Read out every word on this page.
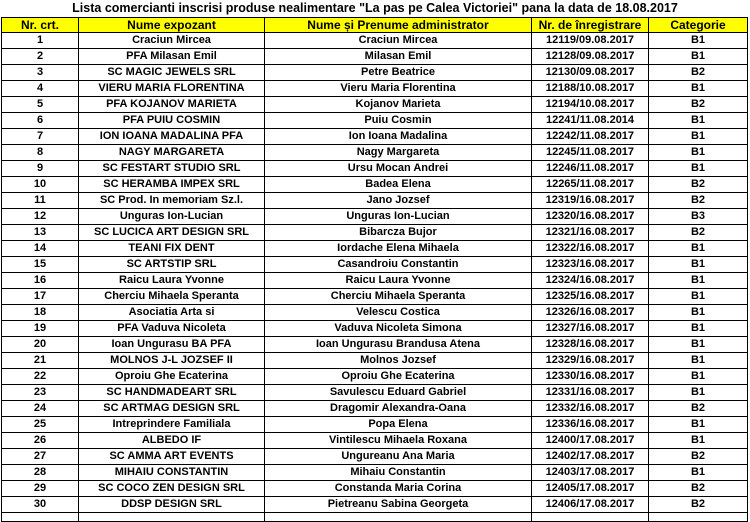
Lista comercianti inscrisi produse nealimentare "La pas pe Calea Victoriei" pana la data de 18.08.2017
Nr. crt.	Nume expozant	Nume și Prenume administrator	Nr. de înregistrare	Categorie
1	Craciun Mircea	Craciun Mircea	12119/09.08.2017	B1
2	PFA Milasan Emil	Milasan Emil	12128/09.08.2017	B1
3	SC MAGIC JEWELS SRL	Petre Beatrice	12130/09.08.2017	B2
4	VIERU MARIA FLORENTINA	Vieru Maria Florentina	12188/10.08.2017	B1
5	PFA KOJANOV MARIETA	Kojanov Marieta	12194/10.08.2017	B2
6	PFA PUIU COSMIN	Puiu Cosmin	12241/11.08.2014	B1
7	ION IOANA MADALINA PFA	Ion Ioana Madalina	12242/11.08.2017	B1
8	NAGY MARGARETA	Nagy Margareta	12245/11.08.2017	B1
9	SC FESTART STUDIO SRL	Ursu Mocan Andrei	12246/11.08.2017	B1
10	SC HERAMBA IMPEX SRL	Badea Elena	12265/11.08.2017	B2
11	SC Prod. In memoriam Sz.l.	Jano Jozsef	12319/16.08.2017	B2
12	Unguras Ion-Lucian	Unguras Ion-Lucian	12320/16.08.2017	B3
13	SC LUCICA ART DESIGN SRL	Bibarcza Bujor	12321/16.08.2017	B2
14	TEANI FIX DENT	Iordache Elena Mihaela	12322/16.08.2017	B1
15	SC ARTSTIP SRL	Casandroiu Constantin	12323/16.08.2017	B1
16	Raicu Laura Yvonne	Raicu Laura Yvonne	12324/16.08.2017	B1
17	Cherciu Mihaela Speranta	Cherciu Mihaela Speranta	12325/16.08.2017	B1
18	Asociatia Arta si	Velescu Costica	12326/16.08.2017	B1
19	PFA Vaduva Nicoleta	Vaduva Nicoleta Simona	12327/16.08.2017	B1
20	Ioan Ungurasu BA PFA	Ioan Ungurasu Brandusa Atena	12328/16.08.2017	B1
21	MOLNOS J-L JOZSEF II	Molnos Jozsef	12329/16.08.2017	B1
22	Oproiu Ghe Ecaterina	Oproiu Ghe Ecaterina	12330/16.08.2017	B1
23	SC HANDMADEART SRL	Savulescu Eduard Gabriel	12331/16.08.2017	B1
24	SC ARTMAG DESIGN SRL	Dragomir Alexandra-Oana	12332/16.08.2017	B2
25	Intreprindere Familiala	Popa Elena	12336/16.08.2017	B1
26	ALBEDO IF	Vintilescu Mihaela Roxana	12400/17.08.2017	B1
27	SC AMMA ART EVENTS	Ungureanu Ana Maria	12402/17.08.2017	B2
28	MIHAIU CONSTANTIN	Mihaiu Constantin	12403/17.08.2017	B1
29	SC COCO ZEN DESIGN SRL	Constanda Maria Corina	12405/17.08.2017	B2
30	DDSP DESIGN SRL	Pietreanu Sabina Georgeta	12406/17.08.2017	B2
